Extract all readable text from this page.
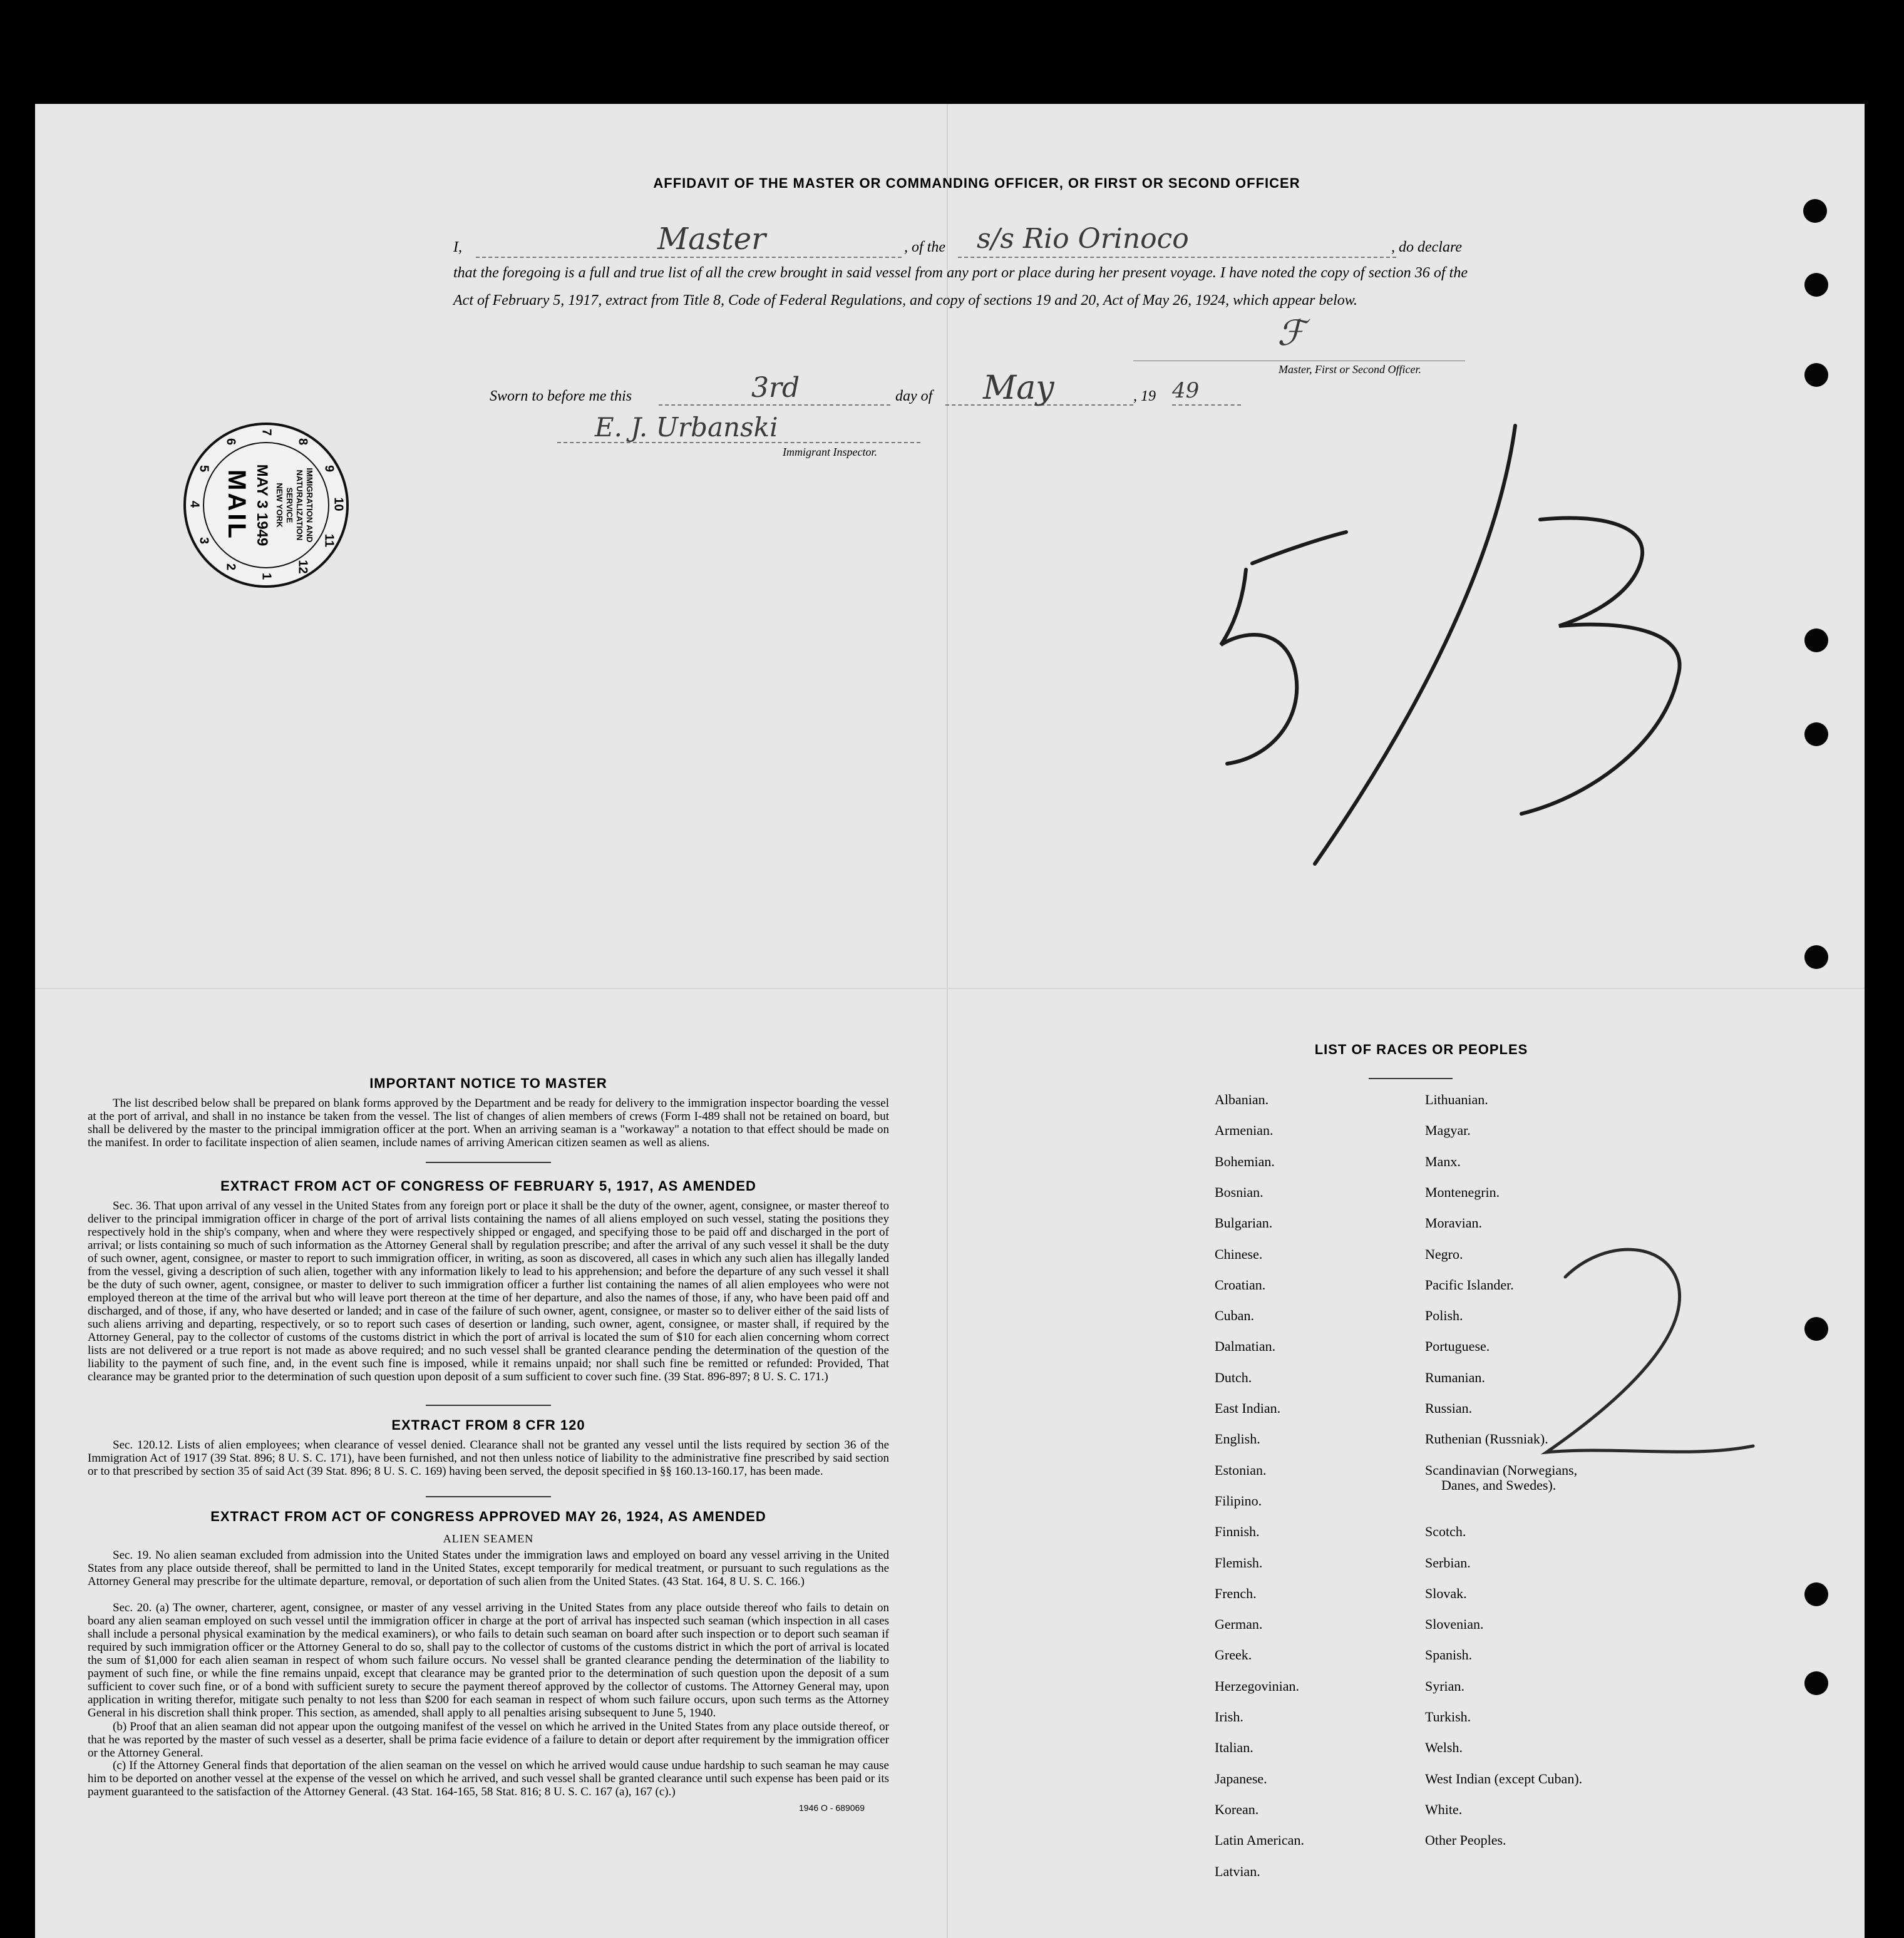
AFFIDAVIT OF THE MASTER OR COMMANDING OFFICER, OR FIRST OR SECOND OFFICER
I,	Master	, of the s/s Rio Orinoco	, do declare
that the foregoing is a full and true list of all the crew brought in said vessel from any port or place during her present voyage. I have noted the copy of section 36 of the Act of February 5, 1917, extract from Title 8, Code of Federal Regulations, and copy of sections 19 and 20, Act of May 26, 1924, which appear below.
ℱ
Master, First or Second Officer.
Sworn to before me this	3rd	day of May	, 19 49
E. J. Urbanski
Immigrant Inspector.
IMMIGRATION AND
NATURALIZATION
SERVICE
NEW YORK
MAY 3 1949
MAIL
1
2
3
4
5
6
7
8
9
10
11
12
IMPORTANT NOTICE TO MASTER
The list described below shall be prepared on blank forms approved by the Department and be ready for delivery to the immigration inspector boarding the vessel at the port of arrival, and shall in no instance be taken from the vessel. The list of changes of alien members of crews (Form I-489 shall not be retained on board, but shall be delivered by the master to the principal immigration officer at the port. When an arriving seaman is a "workaway" a notation to that effect should be made on the manifest. In order to facilitate inspection of alien seamen, include names of arriving American citizen seamen as well as aliens.
EXTRACT FROM ACT OF CONGRESS OF FEBRUARY 5, 1917, AS AMENDED
Sec. 36. That upon arrival of any vessel in the United States from any foreign port or place it shall be the duty of the owner, agent, consignee, or master thereof to deliver to the principal immigration officer in charge of the port of arrival lists containing the names of all aliens employed on such vessel, stating the positions they respectively hold in the ship's company, when and where they were respectively shipped or engaged, and specifying those to be paid off and discharged in the port of arrival; or lists containing so much of such information as the Attorney General shall by regulation prescribe; and after the arrival of any such vessel it shall be the duty of such owner, agent, consignee, or master to report to such immigration officer, in writing, as soon as discovered, all cases in which any such alien has illegally landed from the vessel, giving a description of such alien, together with any information likely to lead to his apprehension; and before the departure of any such vessel it shall be the duty of such owner, agent, consignee, or master to deliver to such immigration officer a further list containing the names of all alien employees who were not employed thereon at the time of the arrival but who will leave port thereon at the time of her departure, and also the names of those, if any, who have been paid off and discharged, and of those, if any, who have deserted or landed; and in case of the failure of such owner, agent, consignee, or master so to deliver either of the said lists of such aliens arriving and departing, respectively, or so to report such cases of desertion or landing, such owner, agent, consignee, or master shall, if required by the Attorney General, pay to the collector of customs of the customs district in which the port of arrival is located the sum of $10 for each alien concerning whom correct lists are not delivered or a true report is not made as above required; and no such vessel shall be granted clearance pending the determination of the question of the liability to the payment of such fine, and, in the event such fine is imposed, while it remains unpaid; nor shall such fine be remitted or refunded: Provided, That clearance may be granted prior to the determination of such question upon deposit of a sum sufficient to cover such fine. (39 Stat. 896-897; 8 U. S. C. 171.)
EXTRACT FROM 8 CFR 120
Sec. 120.12. Lists of alien employees; when clearance of vessel denied. Clearance shall not be granted any vessel until the lists required by section 36 of the Immigration Act of 1917 (39 Stat. 896; 8 U. S. C. 171), have been furnished, and not then unless notice of liability to the administrative fine prescribed by said section or to that prescribed by section 35 of said Act (39 Stat. 896; 8 U. S. C. 169) having been served, the deposit specified in §§ 160.13-160.17, has been made.
EXTRACT FROM ACT OF CONGRESS APPROVED MAY 26, 1924, AS AMENDED
ALIEN SEAMEN
Sec. 19. No alien seaman excluded from admission into the United States under the immigration laws and employed on board any vessel arriving in the United States from any place outside thereof, shall be permitted to land in the United States, except temporarily for medical treatment, or pursuant to such regulations as the Attorney General may prescribe for the ultimate departure, removal, or deportation of such alien from the United States. (43 Stat. 164, 8 U. S. C. 166.)
Sec. 20. (a) The owner, charterer, agent, consignee, or master of any vessel arriving in the United States from any place outside thereof who fails to detain on board any alien seaman employed on such vessel until the immigration officer in charge at the port of arrival has inspected such seaman (which inspection in all cases shall include a personal physical examination by the medical examiners), or who fails to detain such seaman on board after such inspection or to deport such seaman if required by such immigration officer or the Attorney General to do so, shall pay to the collector of customs of the customs district in which the port of arrival is located the sum of $1,000 for each alien seaman in respect of whom such failure occurs. No vessel shall be granted clearance pending the determination of the liability to payment of such fine, or while the fine remains unpaid, except that clearance may be granted prior to the determination of such question upon the deposit of a sum sufficient to cover such fine, or of a bond with sufficient surety to secure the payment thereof approved by the collector of customs. The Attorney General may, upon application in writing therefor, mitigate such penalty to not less than $200 for each seaman in respect of whom such failure occurs, upon such terms as the Attorney General in his discretion shall think proper. This section, as amended, shall apply to all penalties arising subsequent to June 5, 1940.
(b) Proof that an alien seaman did not appear upon the outgoing manifest of the vessel on which he arrived in the United States from any place outside thereof, or that he was reported by the master of such vessel as a deserter, shall be prima facie evidence of a failure to detain or deport after requirement by the immigration officer or the Attorney General.
(c) If the Attorney General finds that deportation of the alien seaman on the vessel on which he arrived would cause undue hardship to such seaman he may cause him to be deported on another vessel at the expense of the vessel on which he arrived, and such vessel shall be granted clearance until such expense has been paid or its payment guaranteed to the satisfaction of the Attorney General. (43 Stat. 164-165, 58 Stat. 816; 8 U. S. C. 167 (a), 167 (c).)
1946 O - 689069
LIST OF RACES OR PEOPLES
Albanian.
Armenian.
Bohemian.
Bosnian.
Bulgarian.
Chinese.
Croatian.
Cuban.
Dalmatian.
Dutch.
East Indian.
English.
Estonian.
Filipino.
Finnish.
Flemish.
French.
German.
Greek.
Herzegovinian.
Irish.
Italian.
Japanese.
Korean.
Latin American.
Latvian.
Lithuanian.
Magyar.
Manx.
Montenegrin.
Moravian.
Negro.
Pacific Islander.
Polish.
Portuguese.
Rumanian.
Russian.
Ruthenian (Russniak).
Scandinavian (Norwegians,
Danes, and Swedes).
Scotch.
Serbian.
Slovak.
Slovenian.
Spanish.
Syrian.
Turkish.
Welsh.
West Indian (except Cuban).
White.
Other Peoples.
